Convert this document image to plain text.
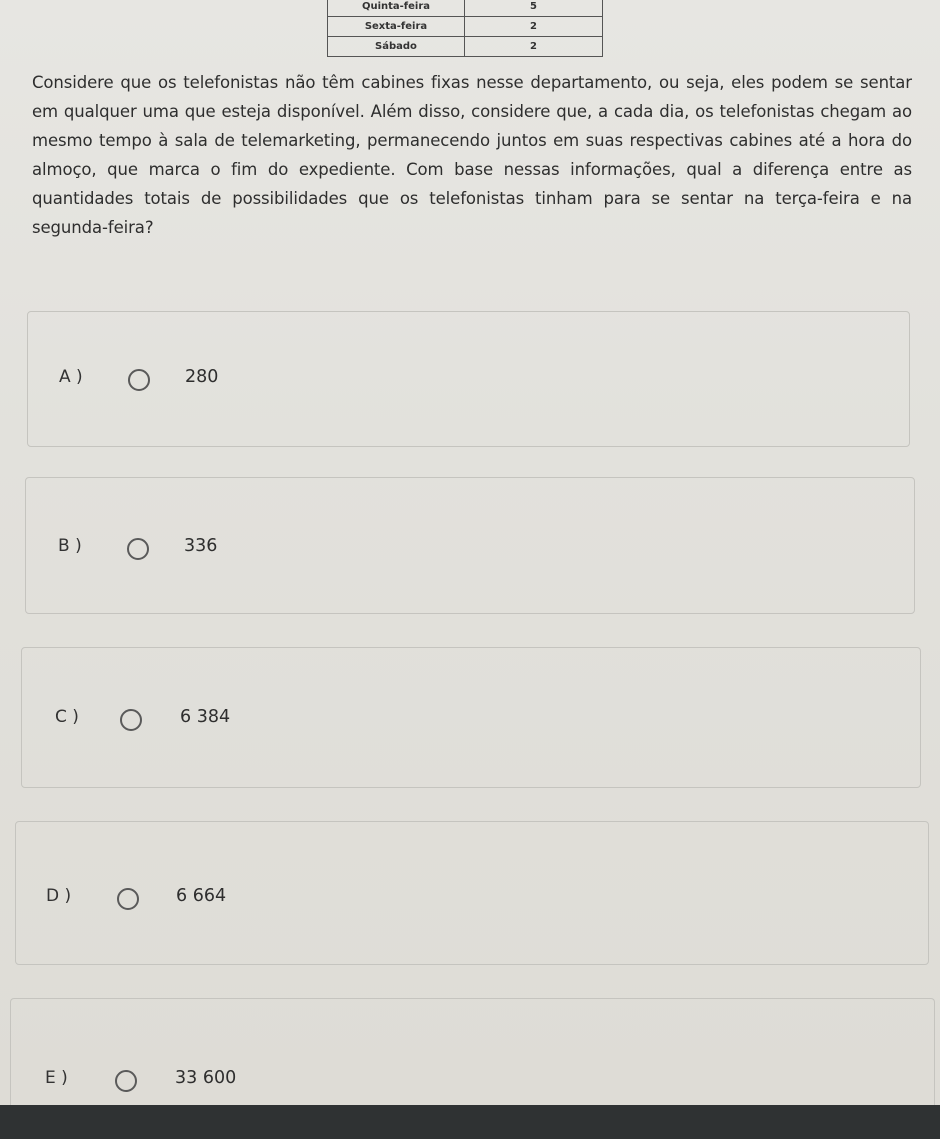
Quinta-feira	5
Sexta-feira	2
Sábado	2
Considere que os telefonistas não têm cabines fixas nesse departamento, ou seja, eles podem se sentar em qualquer uma que esteja disponível. Além disso, considere que, a cada dia, os telefonistas chegam ao mesmo tempo à sala de telemarketing, permanecendo juntos em suas respectivas cabines até a hora do almoço, que marca o fim do expediente. Com base nessas informações, qual a diferença entre as quantidades totais de possibilidades que os telefonistas tinham para se sentar na terça-feira e na segunda-feira?
A )	280
B )	336
C )	6 384
D )	6 664
E )	33 600
